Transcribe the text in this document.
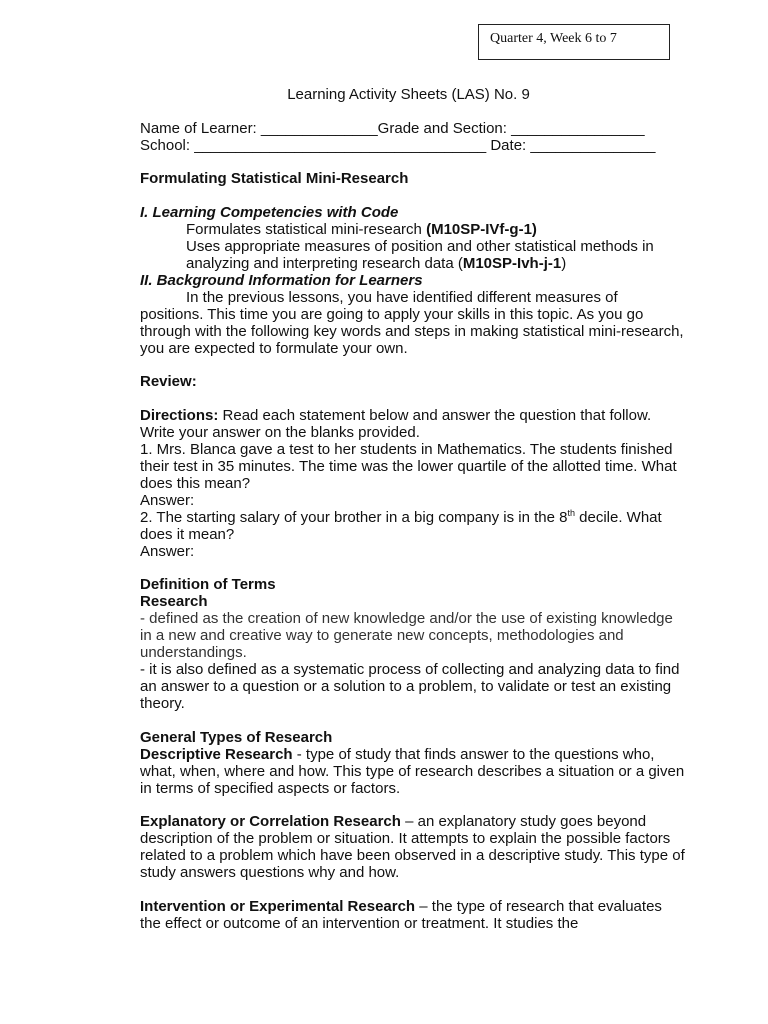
Quarter 4, Week 6 to 7

Learning Activity Sheets (LAS) No. 9

Name of Learner: ______________Grade and Section: ________________

School: ___________________________________ Date: _______________

Formulating Statistical Mini-Research

I. Learning Competencies with Code

Formulates statistical mini-research (M10SP-IVf-g-1)

Uses appropriate measures of position and other statistical methods in analyzing and interpreting research data (M10SP-Ivh-j-1)

II. Background Information for Learners

In the previous lessons, you have identified different measures of positions. This time you are going to apply your skills in this topic. As you go through with the following key words and steps in making statistical mini-research, you are expected to formulate your own.

Review:

Directions: Read each statement below and answer the question that follow. Write your answer on the blanks provided.

1. Mrs. Blanca gave a test to her students in Mathematics. The students finished their test in 35 minutes. The time was the lower quartile of the allotted time. What does this mean?

Answer:

2. The starting salary of your brother in a big company is in the 8th decile. What does it mean?

Answer:

Definition of Terms

Research

- defined as the creation of new knowledge and/or the use of existing knowledge in a new and creative way to generate new concepts, methodologies and understandings.

- it is also defined as a systematic process of collecting and analyzing data to find an answer to a question or a solution to a problem, to validate or test an existing theory.

General Types of Research

Descriptive Research - type of study that finds answer to the questions who, what, when, where and how. This type of research describes a situation or a given in terms of specified aspects or factors.

Explanatory or Correlation Research – an explanatory study goes beyond description of the problem or situation. It attempts to explain the possible factors related to a problem which have been observed in a descriptive study. This type of study answers questions why and how.

Intervention or Experimental Research – the type of research that evaluates the effect or outcome of an intervention or treatment. It studies the
